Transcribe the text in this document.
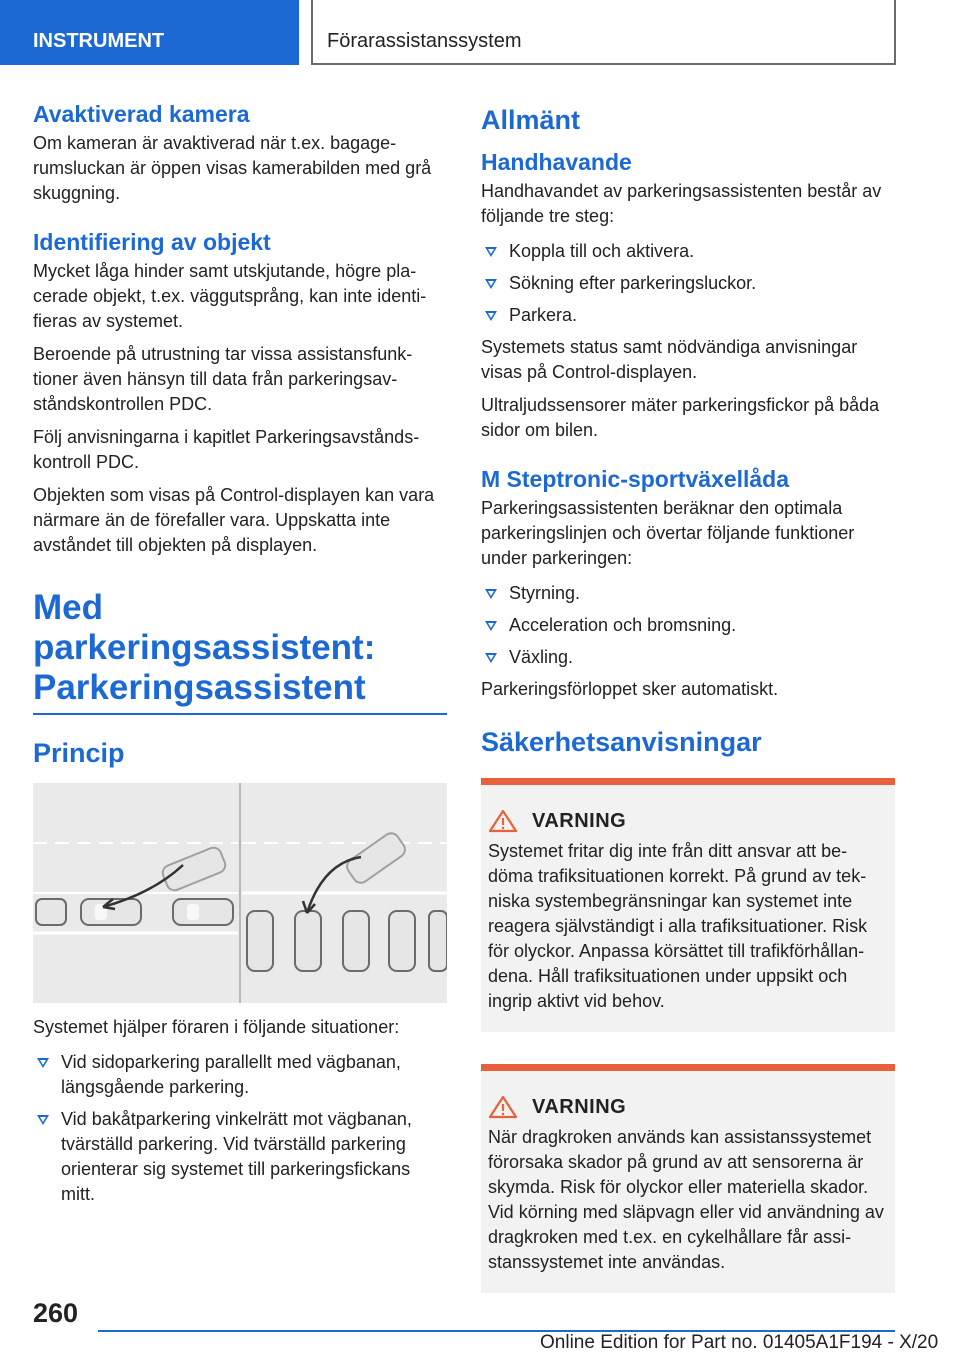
INSTRUMENT	Förarassistanssystem
Avaktiverad kamera

Om kameran är avaktiverad när t.ex. bagage-rumsluckan är öppen visas kamerabilden med grå skuggning.

Identifiering av objekt

Mycket låga hinder samt utskjutande, högre pla-cerade objekt, t.ex. väggutsprång, kan inte identi-fieras av systemet.

Beroende på utrustning tar vissa assistansfunk-tioner även hänsyn till data från parkeringsav-ståndskontrollen PDC.

Följ anvisningarna i kapitlet Parkeringsavstånds-kontroll PDC.

Objekten som visas på Control-displayen kan vara närmare än de förefaller vara. Uppskatta inte avståndet till objekten på displayen.

Med parkeringsassistent:
Parkeringsassistent
Princip

Systemet hjälper föraren i följande situationer:

Vid sidoparkering parallellt med vägbanan, längsgående parkering.
Vid bakåtparkering vinkelrätt mot vägbanan, tvärställd parkering. Vid tvärställd parkering orienterar sig systemet till parkeringsfickans mitt.
Allmänt
Handhavande

Handhavandet av parkeringsassistenten består av följande tre steg:

Koppla till och aktivera.
Sökning efter parkeringsluckor.
Parkera.

Systemets status samt nödvändiga anvisningar visas på Control-displayen.

Ultraljudssensorer mäter parkeringsfickor på båda sidor om bilen.

M Steptronic-sportväxellåda

Parkeringsassistenten beräknar den optimala parkeringslinjen och övertar följande funktioner under parkeringen:

Styrning.
Acceleration och bromsning.
Växling.

Parkeringsförloppet sker automatiskt.

Säkerhetsanvisningar
VARNING

Systemet fritar dig inte från ditt ansvar att be-döma trafiksituationen korrekt. På grund av tek-niska systembegränsningar kan systemet inte reagera självständigt i alla trafiksituationer. Risk för olyckor. Anpassa körsättet till trafikförhållan-dena. Håll trafiksituationen under uppsikt och ingrip aktivt vid behov.

VARNING

När dragkroken används kan assistanssystemet förorsaka skador på grund av att sensorerna är skymda. Risk för olyckor eller materiella skador. Vid körning med släpvagn eller vid användning av dragkroken med t.ex. en cykelhållare får assi-stanssystemet inte användas.

260
Online Edition for Part no. 01405A1F194 - X/20
